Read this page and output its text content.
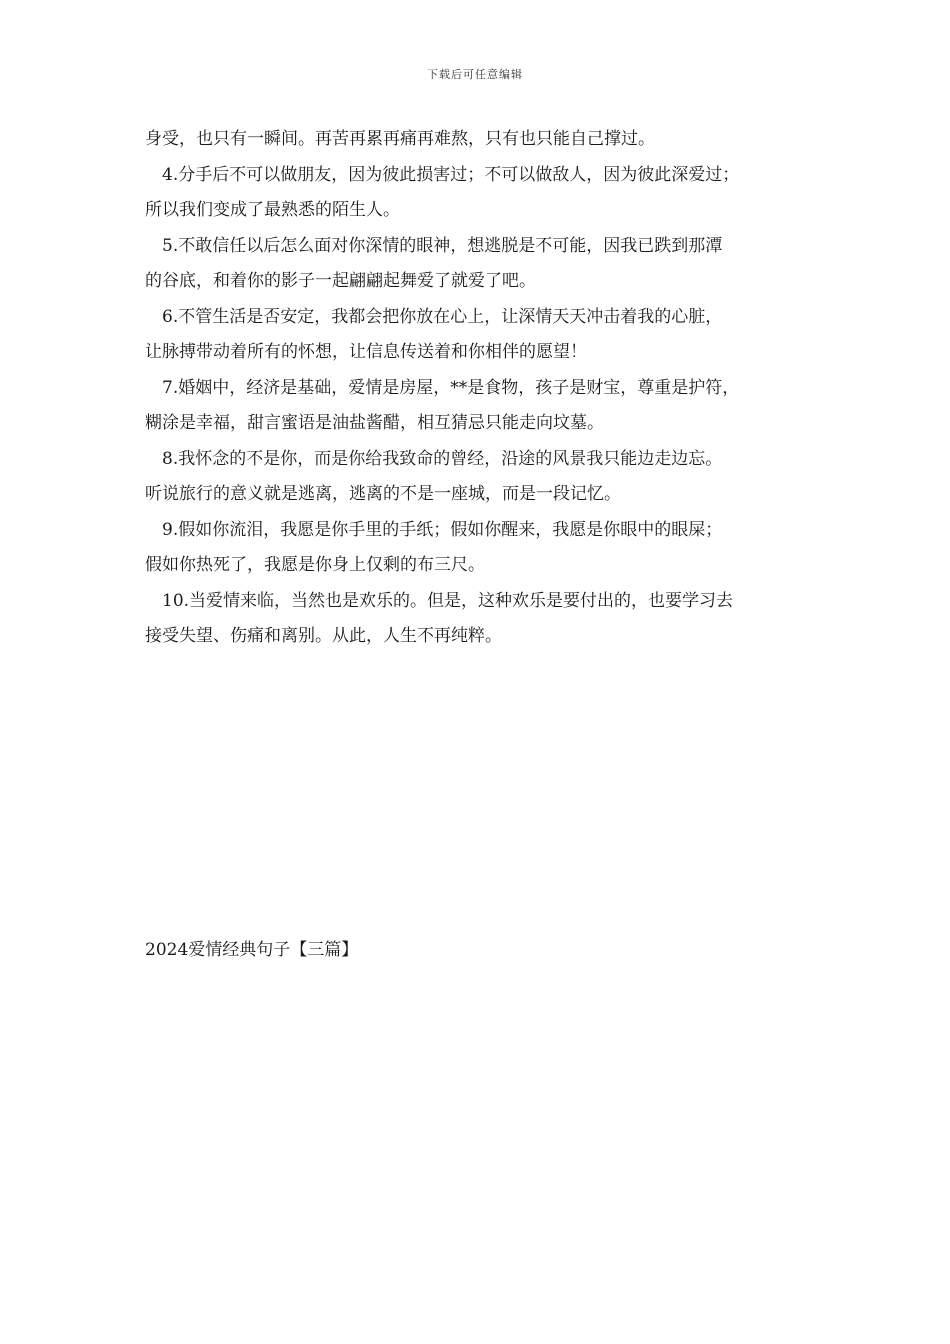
下载后可任意编辑
身受，也只有一瞬间。再苦再累再痛再难熬，只有也只能自己撑过。
4.分手后不可以做朋友，因为彼此损害过；不可以做敌人，因为彼此深爱过；
所以我们变成了最熟悉的陌生人。
5.不敢信任以后怎么面对你深情的眼神，想逃脱是不可能，因我已跌到那潭
的谷底，和着你的影子一起翩翩起舞爱了就爱了吧。
6.不管生活是否安定，我都会把你放在心上，让深情天天冲击着我的心脏，
让脉搏带动着所有的怀想，让信息传送着和你相伴的愿望！
7.婚姻中，经济是基础，爱情是房屋，**是食物，孩子是财宝，尊重是护符，
糊涂是幸福，甜言蜜语是油盐酱醋，相互猜忌只能走向坟墓。
8.我怀念的不是你，而是你给我致命的曾经，沿途的风景我只能边走边忘。
听说旅行的意义就是逃离，逃离的不是一座城，而是一段记忆。
9.假如你流泪，我愿是你手里的手纸；假如你醒来，我愿是你眼中的眼屎；
假如你热死了，我愿是你身上仅剩的布三尺。
10.当爱情来临，当然也是欢乐的。但是，这种欢乐是要付出的，也要学习去
接受失望、伤痛和离别。从此，人生不再纯粹。
2024爱情经典句子【三篇】
